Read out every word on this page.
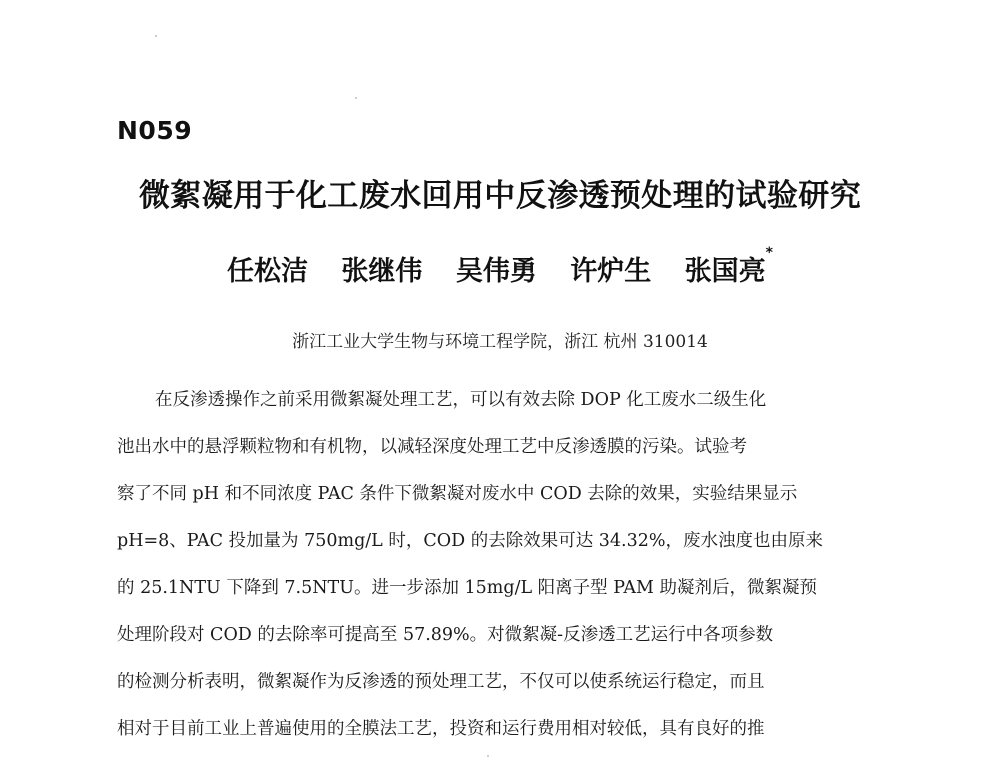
N059
微絮凝用于化工废水回用中反渗透预处理的试验研究
任松洁 张继伟 吴伟勇 许炉生 张国亮*
浙江工业大学生物与环境工程学院，浙江 杭州 310014
在反渗透操作之前采用微絮凝处理工艺，可以有效去除 DOP 化工废水二级生化
池出水中的悬浮颗粒物和有机物，以减轻深度处理工艺中反渗透膜的污染。试验考
察了不同 pH 和不同浓度 PAC 条件下微絮凝对废水中 COD 去除的效果，实验结果显示
pH=8、PAC 投加量为 750mg/L 时，COD 的去除效果可达 34.32%，废水浊度也由原来
的 25.1NTU 下降到 7.5NTU。进一步添加 15mg/L 阳离子型 PAM 助凝剂后，微絮凝预
处理阶段对 COD 的去除率可提高至 57.89%。对微絮凝-反渗透工艺运行中各项参数
的检测分析表明，微絮凝作为反渗透的预处理工艺，不仅可以使系统运行稳定，而且
相对于目前工业上普遍使用的全膜法工艺，投资和运行费用相对较低，具有良好的推
